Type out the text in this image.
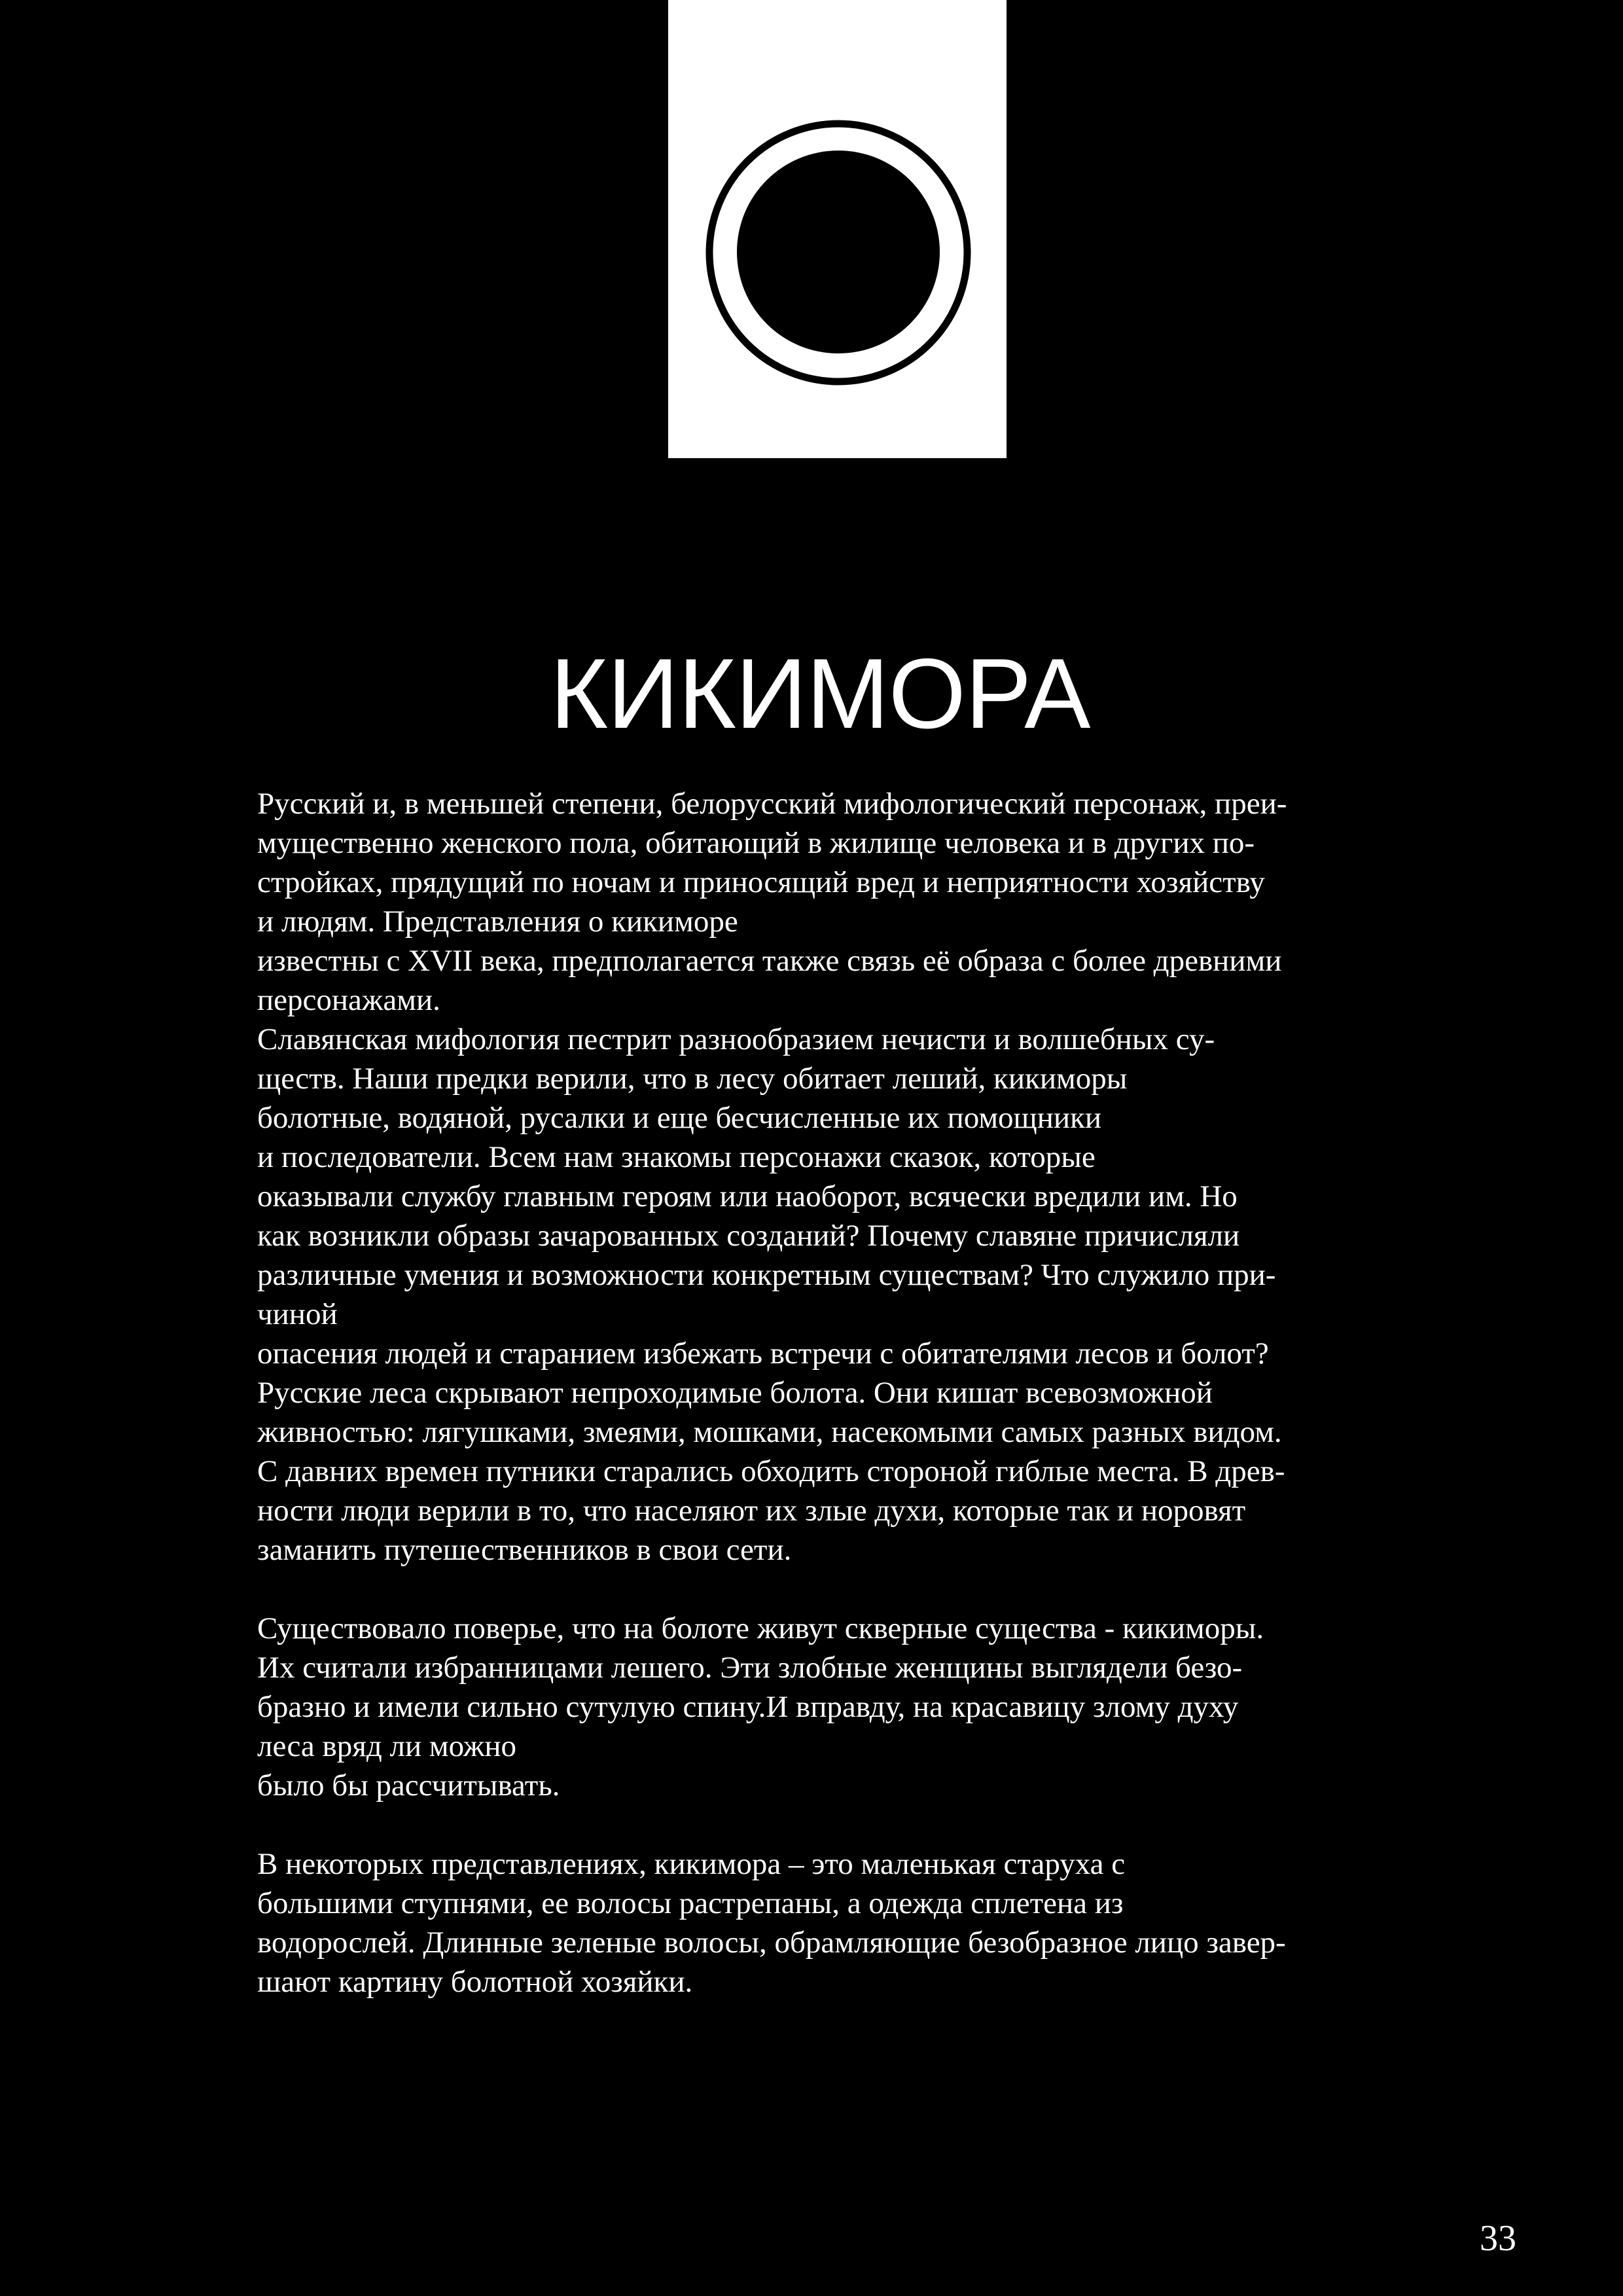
КИКИМОРА
Русский и, в меньшей степени, белорусский мифологический персонаж, преи-
мущественно женского пола, обитающий в жилище человека и в других по-
стройках, прядущий по ночам и приносящий вред и неприятности хозяйству
и людям. Представления о кикиморе
известны с XVII века, предполагается также связь её образа с более древними
персонажами.
Славянская мифология пестрит разнообразием нечисти и волшебных су-
ществ. Наши предки верили, что в лесу обитает леший, кикиморы
болотные, водяной, русалки и еще бесчисленные их помощники
и последователи. Всем нам знакомы персонажи сказок, которые
оказывали службу главным героям или наоборот, всячески вредили им. Но
как возникли образы зачарованных созданий? Почему славяне причисляли
различные умения и возможности конкретным существам? Что служило при-
чиной
опасения людей и старанием избежать встречи с обитателями лесов и болот?
Русские леса скрывают непроходимые болота. Они кишат всевозможной
живностью: лягушками, змеями, мошками, насекомыми самых разных видом.
С давних времен путники старались обходить стороной гиблые места. В древ-
ности люди верили в то, что населяют их злые духи, которые так и норовят
заманить путешественников в свои сети.
Существовало поверье, что на болоте живут скверные существа - кикиморы.
Их считали избранницами лешего. Эти злобные женщины выглядели безо-
бразно и имели сильно сутулую спину.И вправду, на красавицу злому духу
леса вряд ли можно
было бы рассчитывать.
В некоторых представлениях, кикимора – это маленькая старуха с
большими ступнями, ее волосы растрепаны, а одежда сплетена из
водорослей. Длинные зеленые волосы, обрамляющие безобразное лицо завер-
шают картину болотной хозяйки.
33
